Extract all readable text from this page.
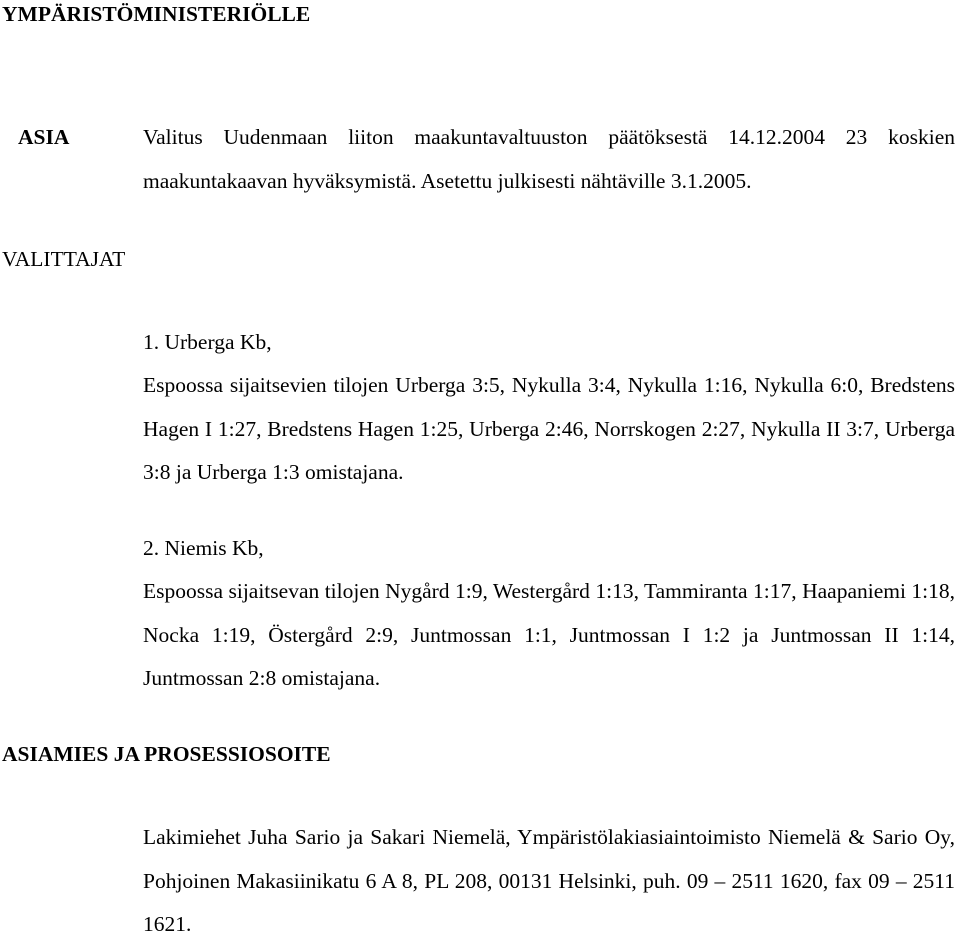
YMPÄRISTÖMINISTERIÖLLE
ASIA	Valitus Uudenmaan liiton maakuntavaltuuston päätöksestä 14.12.2004 23 koskien maakuntakaavan hyväksymistä. Asetettu julkisesti nähtäville 3.1.2005.
VALITTAJAT
1. Urberga Kb,
Espoossa sijaitsevien tilojen Urberga 3:5, Nykulla 3:4, Nykulla 1:16, Nykulla 6:0, Bredstens Hagen I 1:27, Bredstens Hagen 1:25, Urberga 2:46, Norrskogen 2:27, Nykulla II 3:7, Urberga 3:8 ja Urberga 1:3 omistajana.
2. Niemis Kb,
Espoossa sijaitsevan tilojen Nygård 1:9, Westergård 1:13, Tammiranta 1:17, Haapaniemi 1:18, Nocka 1:19, Östergård 2:9, Juntmossan 1:1, Juntmossan I 1:2 ja Juntmossan II 1:14, Juntmossan 2:8 omistajana.
ASIAMIES JA PROSESSIOSOITE
Lakimiehet Juha Sario ja Sakari Niemelä, Ympäristölakiasiaintoimisto Niemelä & Sario Oy, Pohjoinen Makasiinikatu 6 A 8, PL 208, 00131 Helsinki, puh. 09 – 2511 1620, fax 09 – 2511 1621.
